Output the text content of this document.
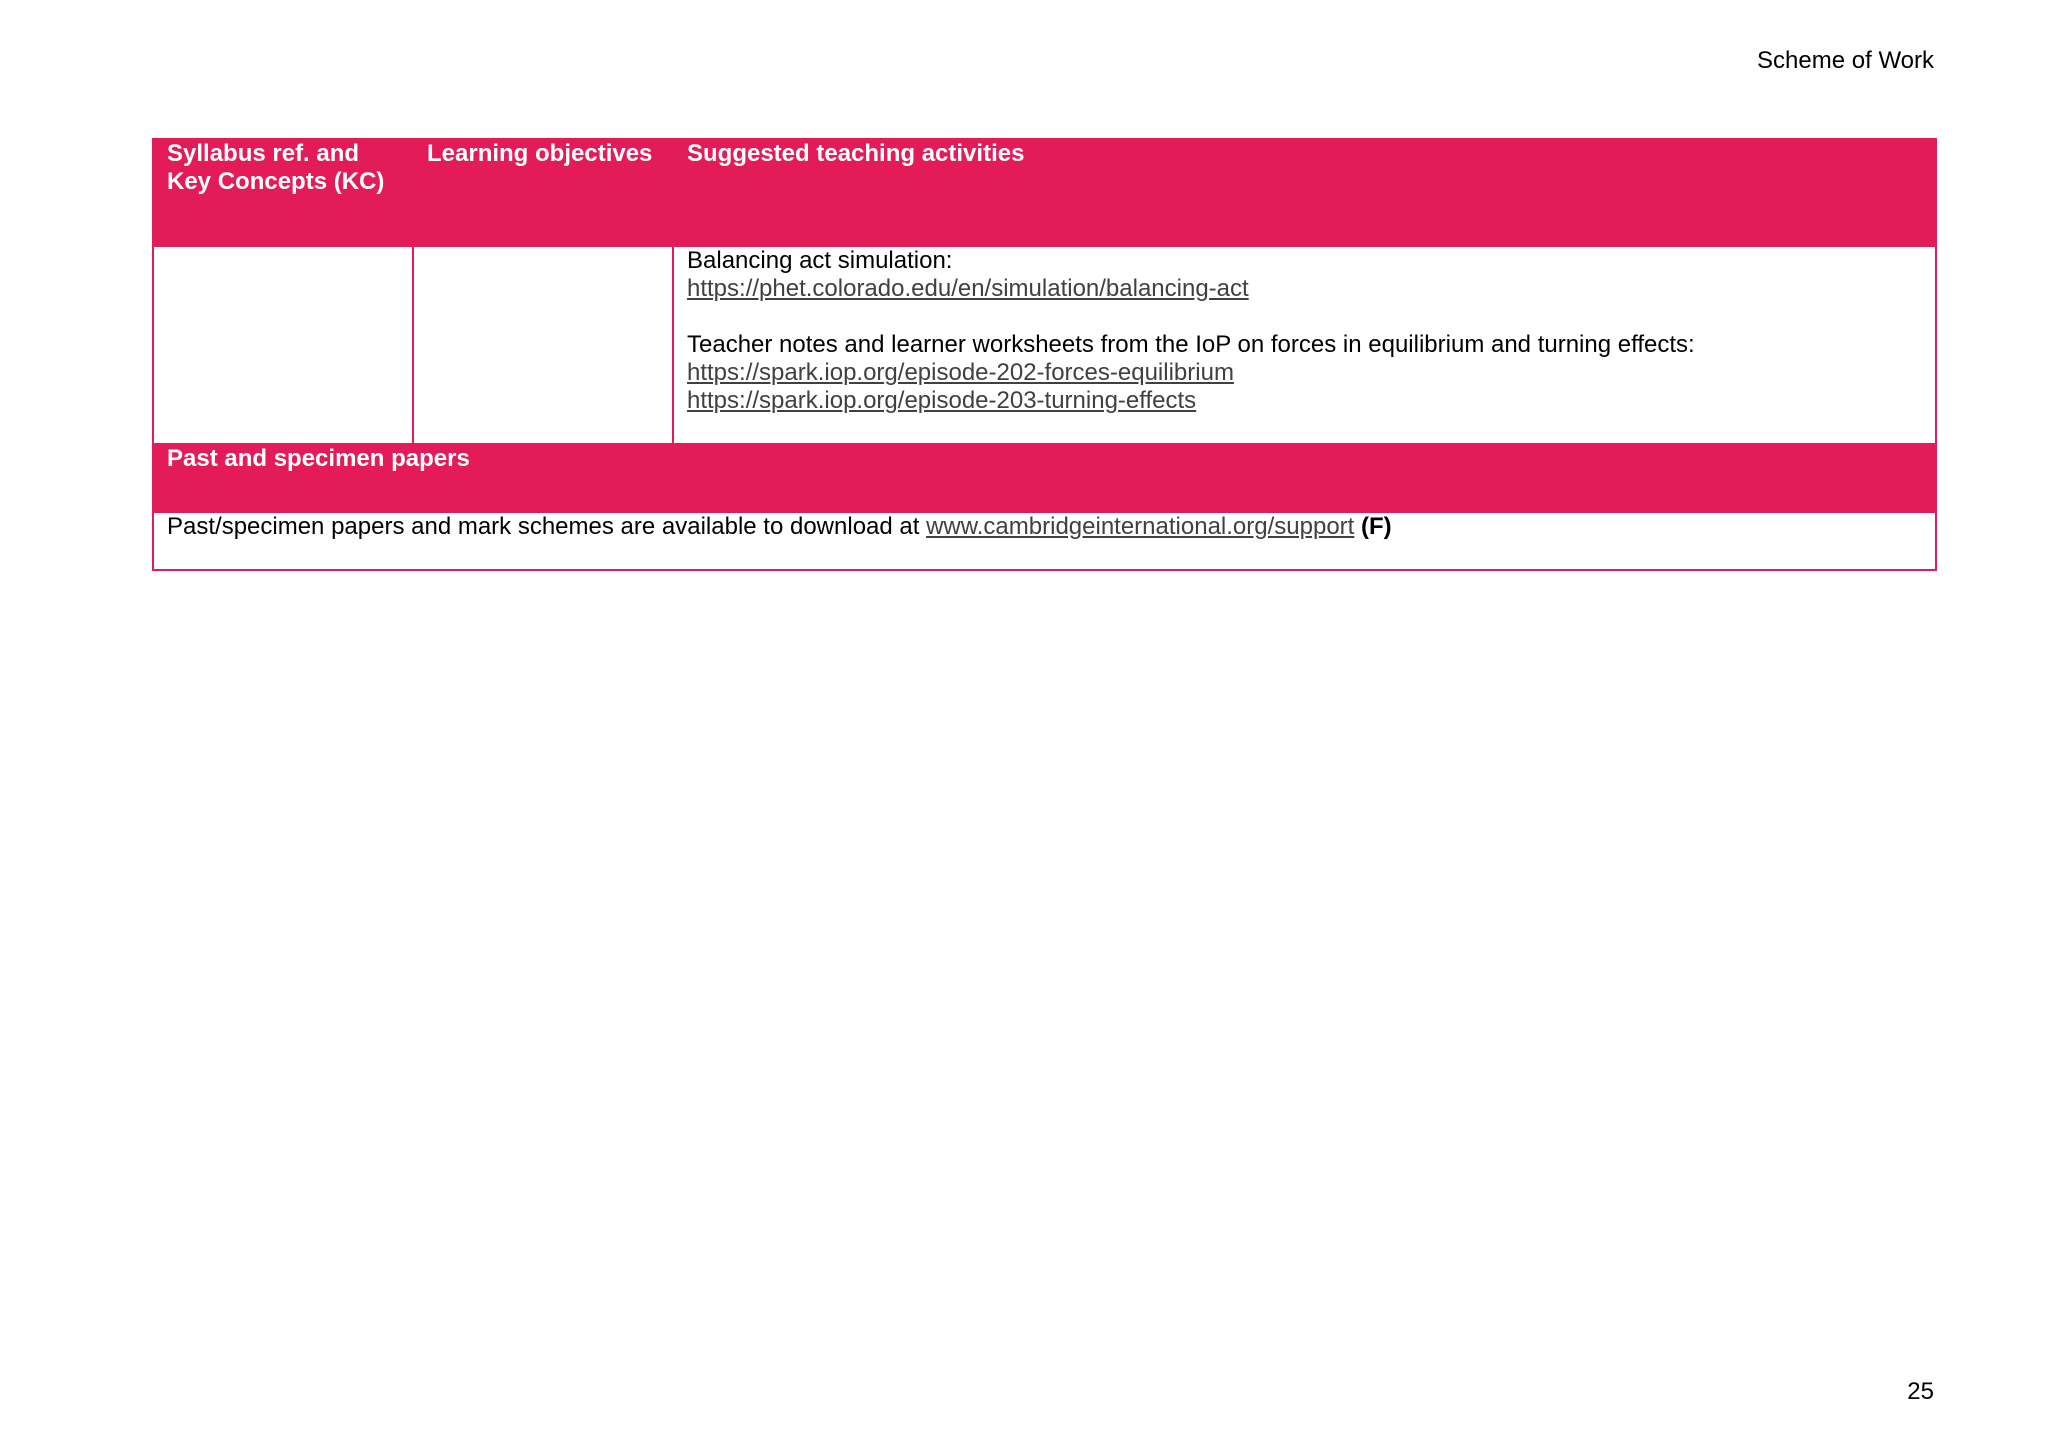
Scheme of Work
Syllabus ref. and Key Concepts (KC)	Learning objectives	Suggested teaching activities

		Balancing act simulation:
https://phet.colorado.edu/en/simulation/balancing-act
Teacher notes and learner worksheets from the IoP on forces in equilibrium and turning effects:
https://spark.iop.org/episode-202-forces-equilibrium
https://spark.iop.org/episode-203-turning-effects

Past and specimen papers		
Past/specimen papers and mark schemes are available to download at www.cambridgeinternational.org/support (F)		
25
